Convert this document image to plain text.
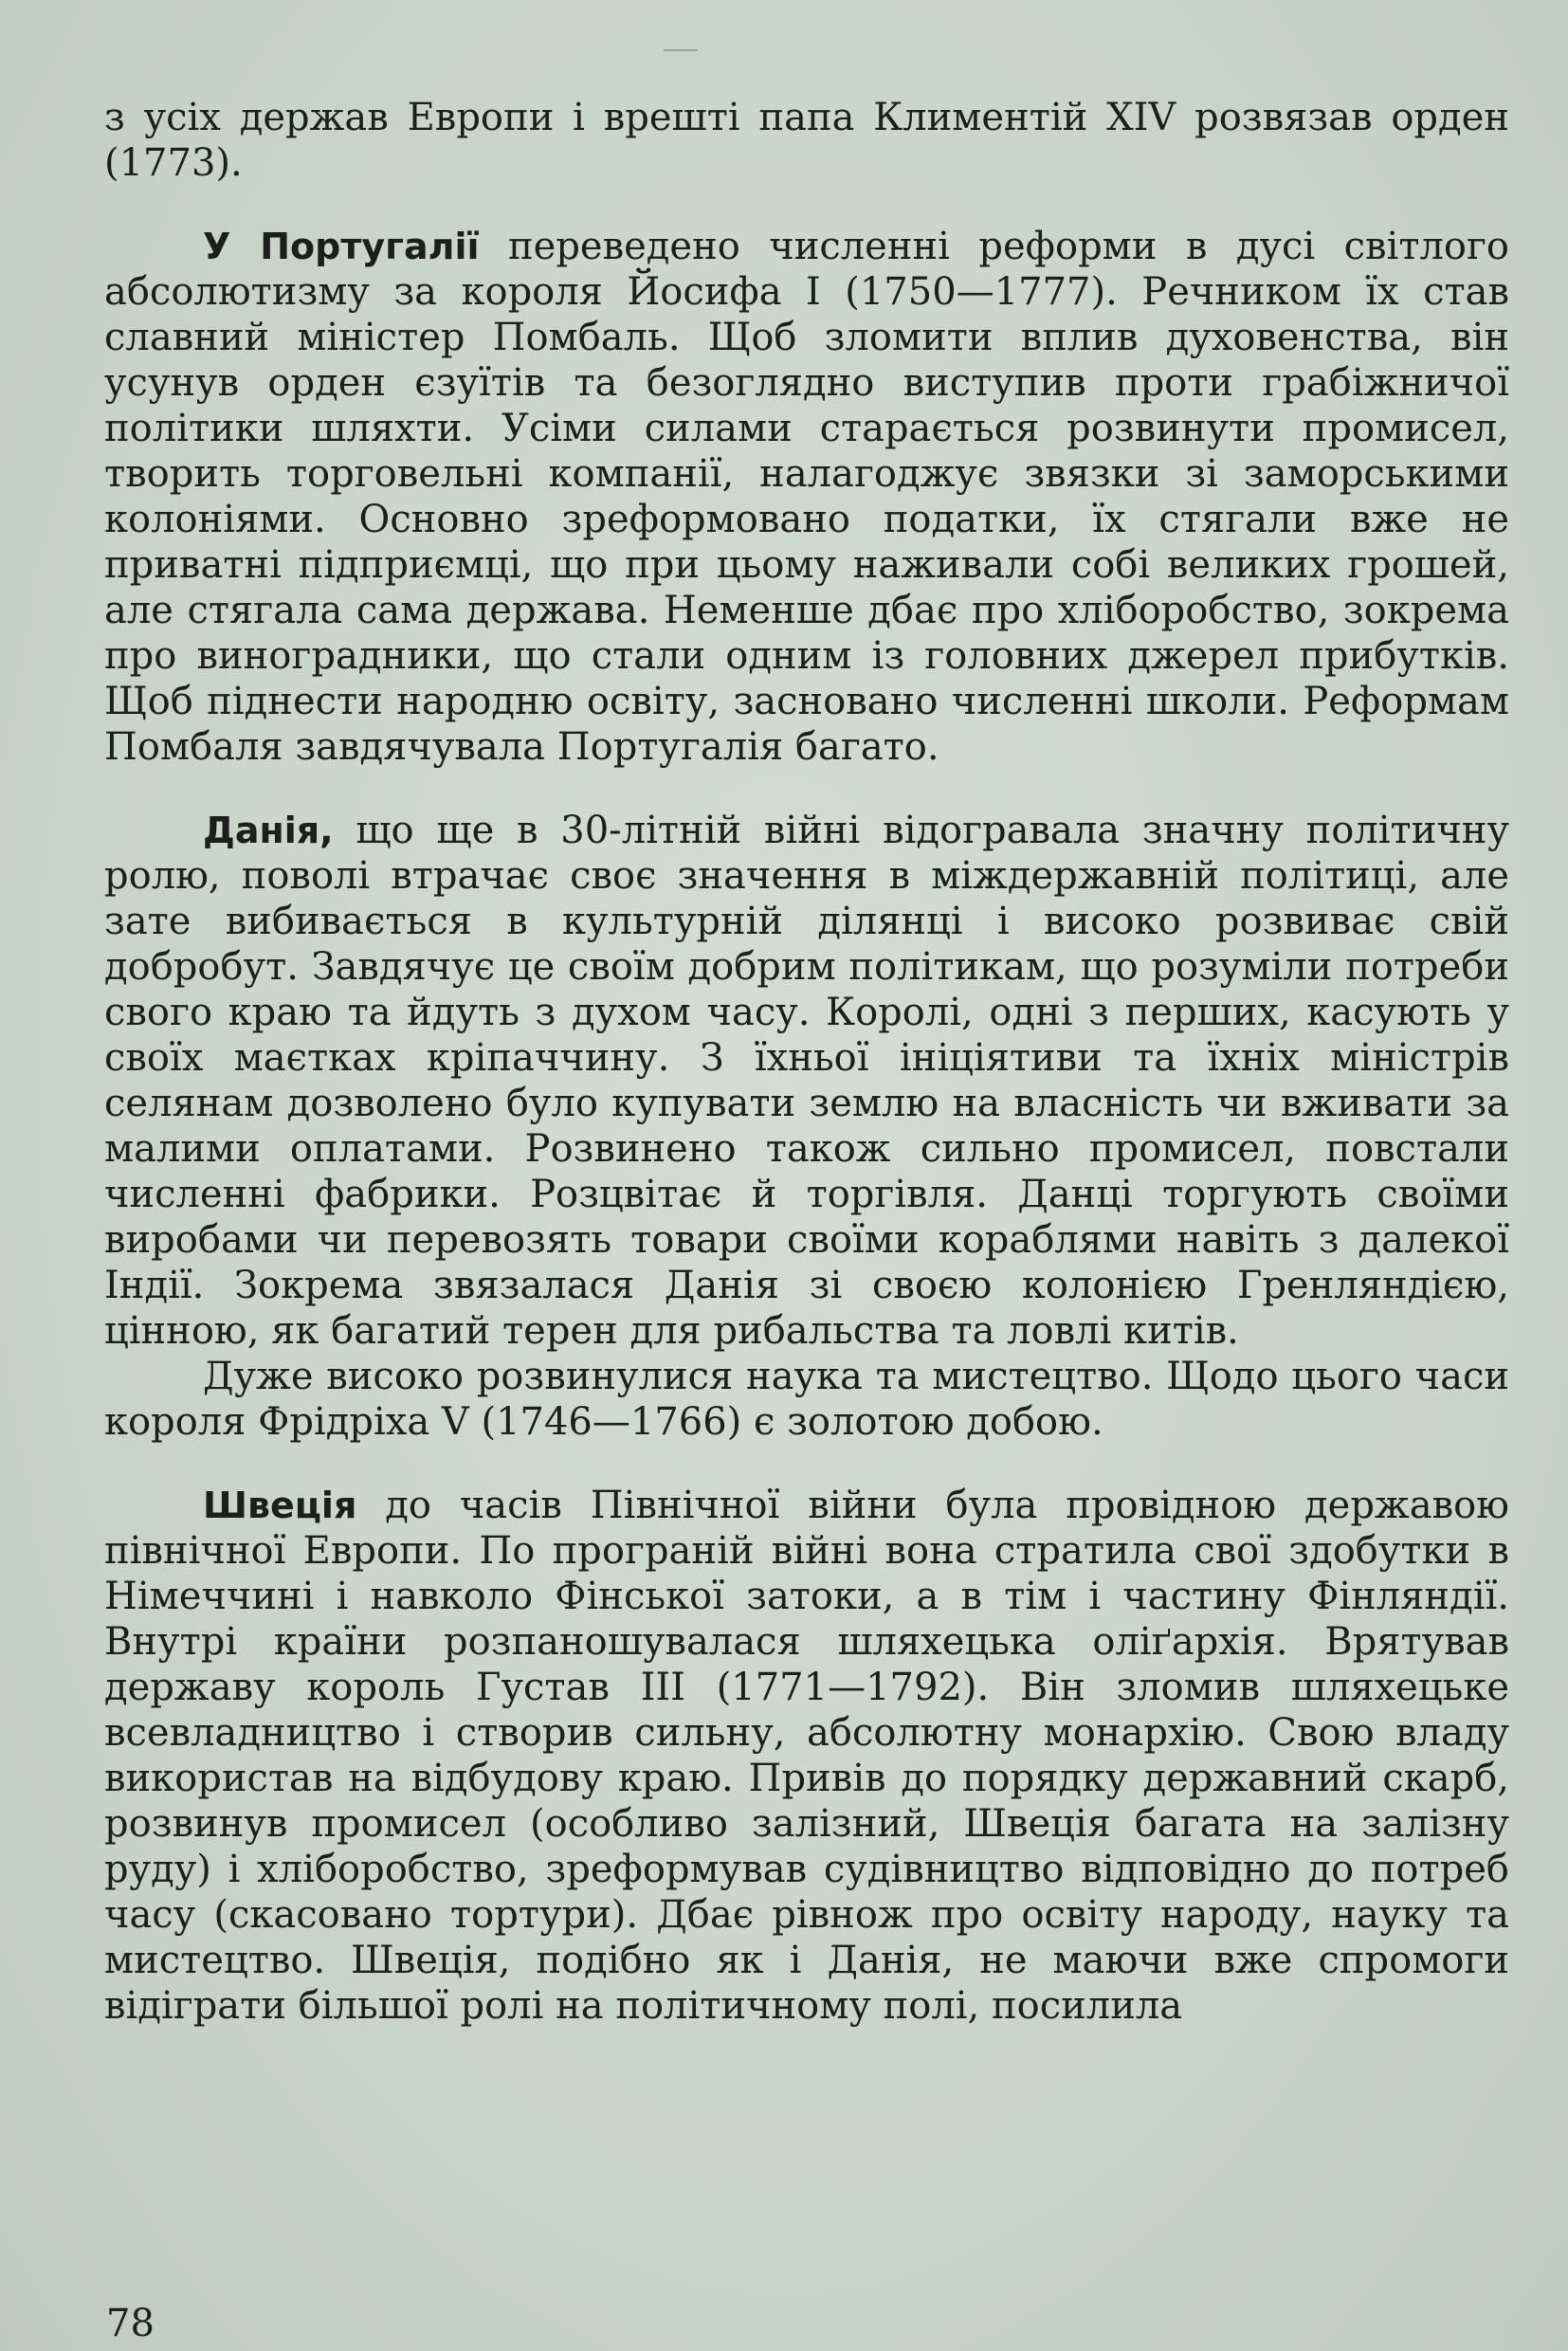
з усіх держав Европи і врешті папа Климентій XIV розвязав орден (1773).

У Португалії переведено численні реформи в дусі світлого абсолютизму за короля Йосифа І (1750—1777). Речником їх став славний міністер Помбаль. Щоб зломити вплив духовенства, він усунув орден єзуїтів та безоглядно виступив проти грабіжничої політики шляхти. Усіми силами старається розвинути промисел, творить торговельні компанії, налагоджує звязки зі заморськими колоніями. Основно зреформовано податки, їх стягали вже не приватні підприємці, що при цьому наживали собі великих грошей, але стягала сама держава. Неменше дбає про хліборобство, зокрема про виноградники, що стали одним із головних джерел прибутків. Щоб піднести народню освіту, засновано численні школи. Реформам Помбаля завдячувала Португалія багато.

Данія, що ще в 30-літній війні відогравала значну політичну ролю, поволі втрачає своє значення в міждержавній політиці, але зате вибивається в культурній ділянці і високо розвиває свій добробут. Завдячує це своїм добрим політикам, що розуміли потреби свого краю та йдуть з духом часу. Королі, одні з перших, касують у своїх маєтках кріпаччину. З їхньої ініціятиви та їхніх міністрів селянам дозволено було купувати землю на власність чи вживати за малими оплатами. Розвинено також сильно промисел, повстали численні фабрики. Розцвітає й торгівля. Данці торгують своїми виробами чи перевозять товари своїми кораблями навіть з далекої Індії. Зокрема звязалася Данія зі своєю колонією Гренляндією, цінною, як багатий терен для рибальства та ловлі китів.

Дуже високо розвинулися наука та мистецтво. Щодо цього часи короля Фрідріха V (1746—1766) є золотою добою.

Швеція до часів Північної війни була провідною державою північної Европи. По програній війні вона стратила свої здобутки в Німеччині і навколо Фінської затоки, а в тім і частину Фінляндії. Внутрі країни розпаношувалася шляхецька оліґархія. Врятував державу король Густав III (1771—1792). Він зломив шляхецьке всевладництво і створив сильну, абсолютну монархію. Свою владу використав на відбудову краю. Привів до порядку державний скарб, розвинув промисел (особливо залізний, Швеція багата на залізну руду) і хліборобство, зреформував судівництво відповідно до потреб часу (скасовано тортури). Дбає рівнож про освіту народу, науку та мистецтво. Швеція, подібно як і Данія, не маючи вже спромоги відіграти більшої ролі на політичному полі, посилила

78
